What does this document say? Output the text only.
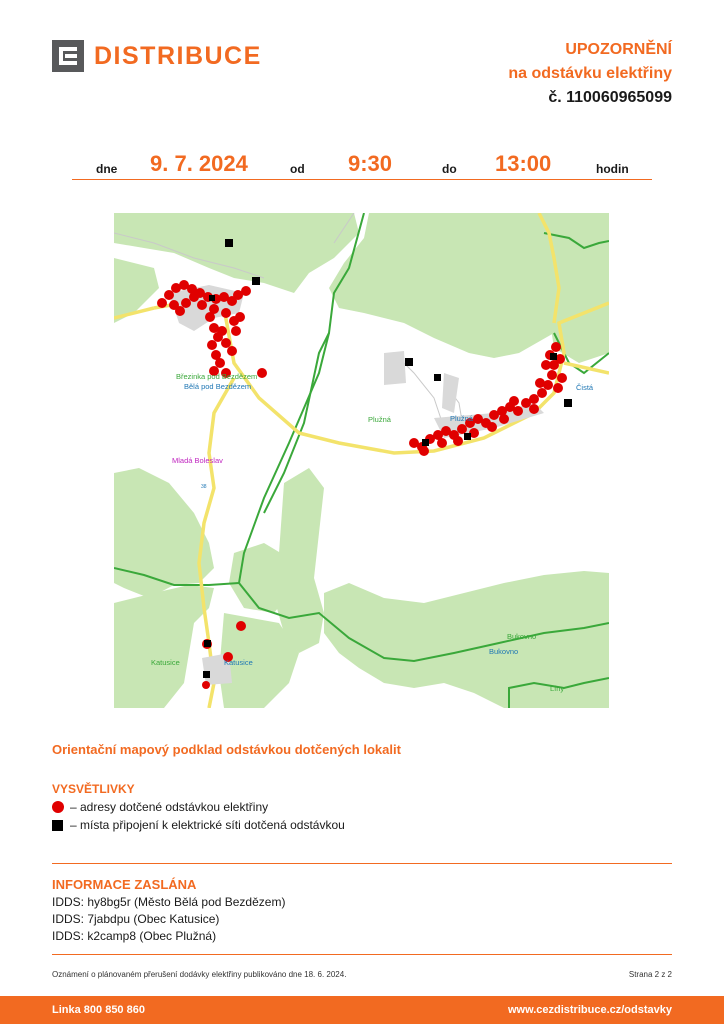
DISTRIBUCE	UPOZORNĚNÍ
na odstávku elektřiny
č. 110060965099
dne 9. 7. 2024	od 9:30	do 13:00	hodin
Březinka pod Bezdězem
Bělá pod Bezdězem
Mladá Boleslav
Plužná	Plužná
Čistá
Bukovno
Bukovno
Katusice	Katusice
Líny
38
Orientační mapový podklad odstávkou dotčených lokalit
VYSVĚTLIVKY
– adresy dotčené odstávkou elektřiny
– místa připojení k elektrické síti dotčená odstávkou
INFORMACE ZASLÁNA
IDDS: hy8bg5r (Město Bělá pod Bezdězem)
IDDS: 7jabdpu (Obec Katusice)
IDDS: k2camp8 (Obec Plužná)
Oznámení o plánovaném přerušení dodávky elektřiny publikováno dne 18. 6. 2024.	Strana 2 z 2
Linka 800 850 860	www.cezdistribuce.cz/odstavky
